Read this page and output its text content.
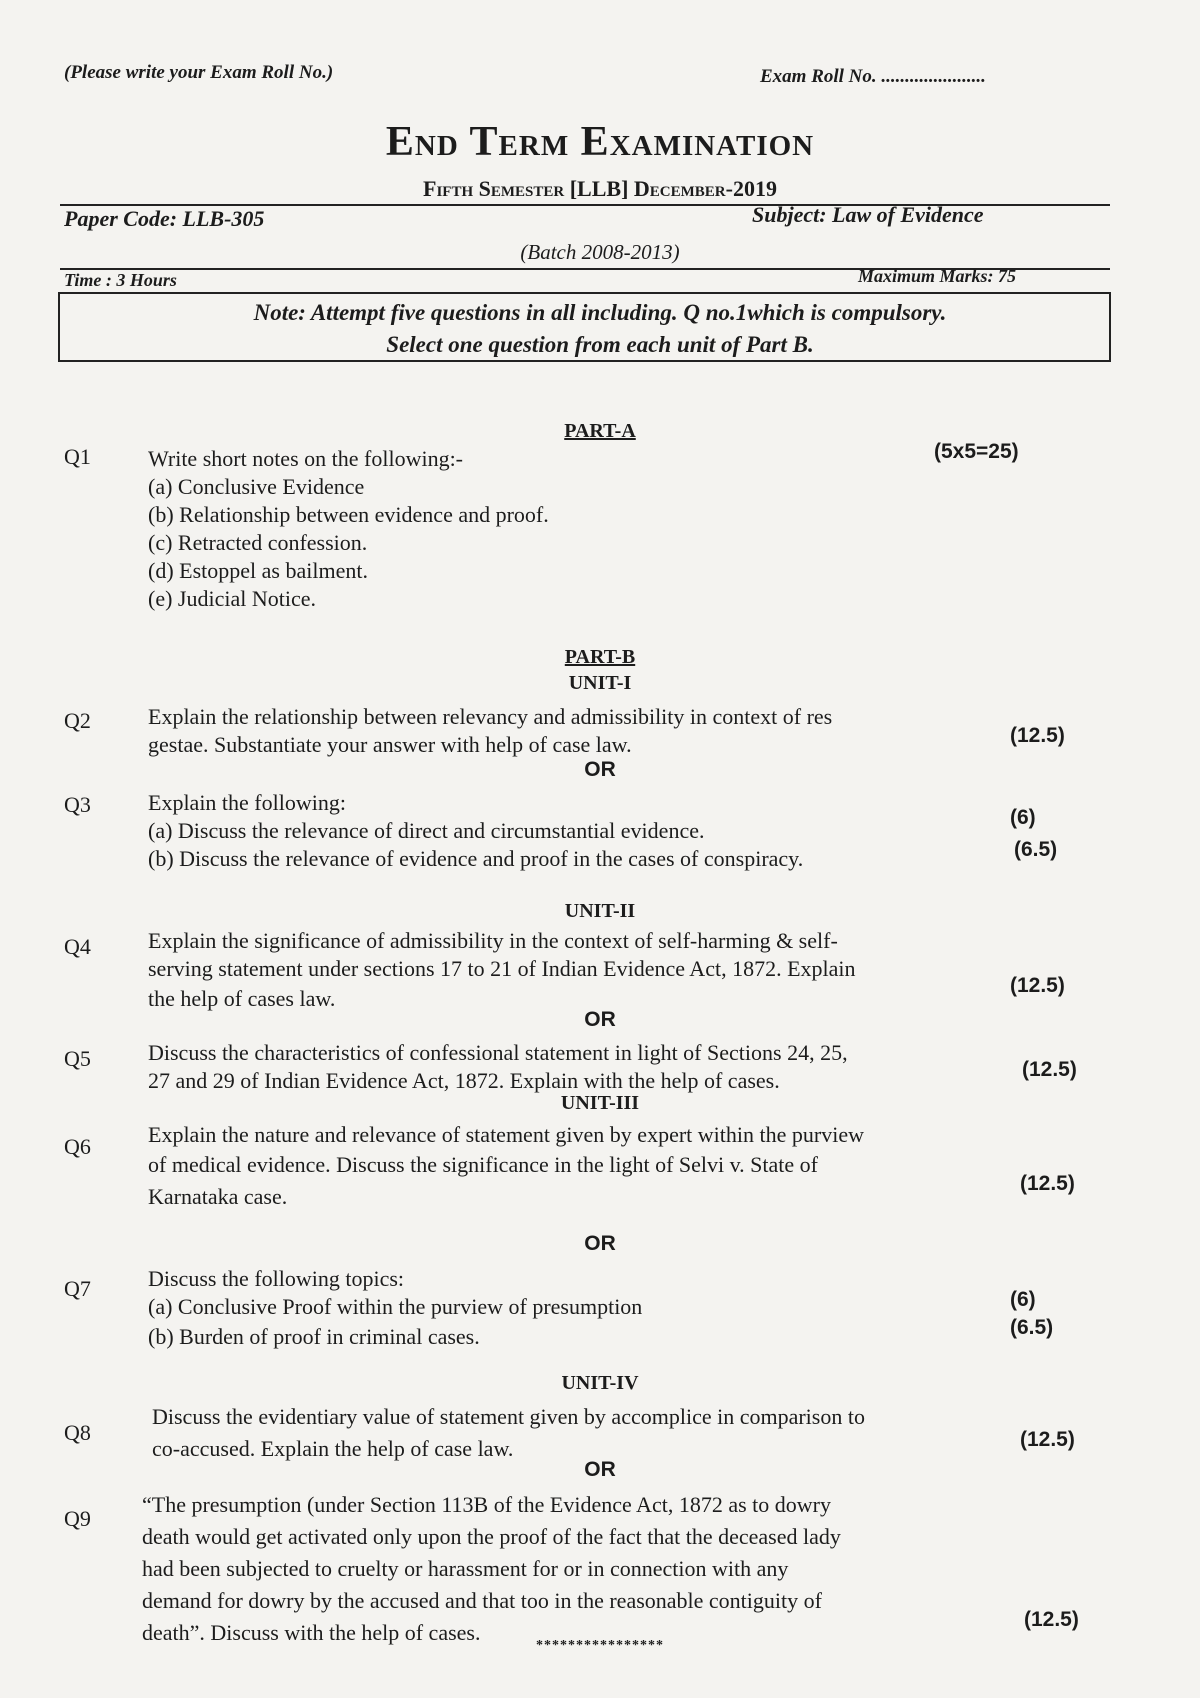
(Please write your Exam Roll No.)	Exam Roll No. ......................
End Term Examination
Fifth Semester [LLB] December-2019
Paper Code: LLB-305	Subject: Law of Evidence
(Batch 2008-2013)
Time : 3 Hours	Maximum Marks: 75
Note: Attempt five questions in all including. Q no.1which is compulsory.
Select one question from each unit of Part B.
PART-A
Q1	Write short notes on the following:-	(5x5=25)
(a) Conclusive Evidence
(b) Relationship between evidence and proof.
(c) Retracted confession.
(d) Estoppel as bailment.
(e) Judicial Notice.
PART-B
UNIT-I
Q2	Explain the relationship between relevancy and admissibility in context of res
gestae. Substantiate your answer with help of case law.	(12.5)
OR
Q3	Explain the following:
(a) Discuss the relevance of direct and circumstantial evidence.
(6)
(b) Discuss the relevance of evidence and proof in the cases of conspiracy.	(6.5)
UNIT-II
Q4	Explain the significance of admissibility in the context of self-harming & self-
serving statement under sections 17 to 21 of Indian Evidence Act, 1872. Explain
the help of cases law.
(12.5)
OR
Q5	Discuss the characteristics of confessional statement in light of Sections 24, 25,
27 and 29 of Indian Evidence Act, 1872. Explain with the help of cases.	(12.5)
UNIT-III
Q6	Explain the nature and relevance of statement given by expert within the purview
of medical evidence. Discuss the significance in the light of Selvi v. State of
Karnataka case.
(12.5)
OR
Q7	Discuss the following topics:
(a) Conclusive Proof within the purview of presumption	(6)
(b) Burden of proof in criminal cases.	(6.5)
UNIT-IV
Q8
Discuss the evidentiary value of statement given by accomplice in comparison to
co-accused. Explain the help of case law.	(12.5)
OR
Q9
“The presumption (under Section 113B of the Evidence Act, 1872 as to dowry
death would get activated only upon the proof of the fact that the deceased lady
had been subjected to cruelty or harassment for or in connection with any
demand for dowry by the accused and that too in the reasonable contiguity of
death”. Discuss with the help of cases.
(12.5)
****************
